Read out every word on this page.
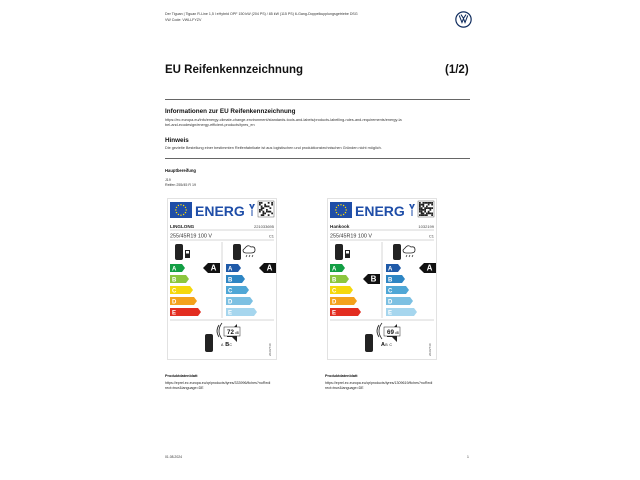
Der Tiguan | Tiguan R-Line 1,5 l eHybrid OPF 150 kW (204 PS) / 85 kW (115 PS) 6-Gang-Doppelkupplungsgetriebe DSG
VW Code: VWLLFYZV
EU Reifenkennzeichnung	(1/2)
Informationen zur EU Reifenkennzeichnung
https://ec.europa.eu/info/energy-climate-change-environment/standards-tools-and-labels/products-labelling-rules-and-requirements/energy-la
bel-and-ecodesign/energy-efficient-products/tyres_en
Hinweis
Die gezielte Bestellung einer bestimmten Reifenfabrikate ist aus logistischen und produktionstechnischen Gründen nicht möglich.
Hauptbereifung
J19
Reifen 255/45 R 19
ENERG
LINGLONG	221033695
255/45R19 100 V	C1
A
B
C
D
E
A
B
C
D
E
A	A
72 dB
A B C	2020/740
ENERG
Hankook	1032199
255/45R19 100 V	C1
A
B
C
D
E
A
B
C
D
E
B
A
69 dB
A B C	2020/740
Produktdatenblatt
https://eprel.ec.europa.eu/qr/products/tyres/333996/fiches?noRedi
rect=true&language=DE
Produktdatenblatt
https://eprel.ec.europa.eu/qr/products/tyres/1309619/fiches?noRedi
rect=true&language=DE
01.08.2024	1
